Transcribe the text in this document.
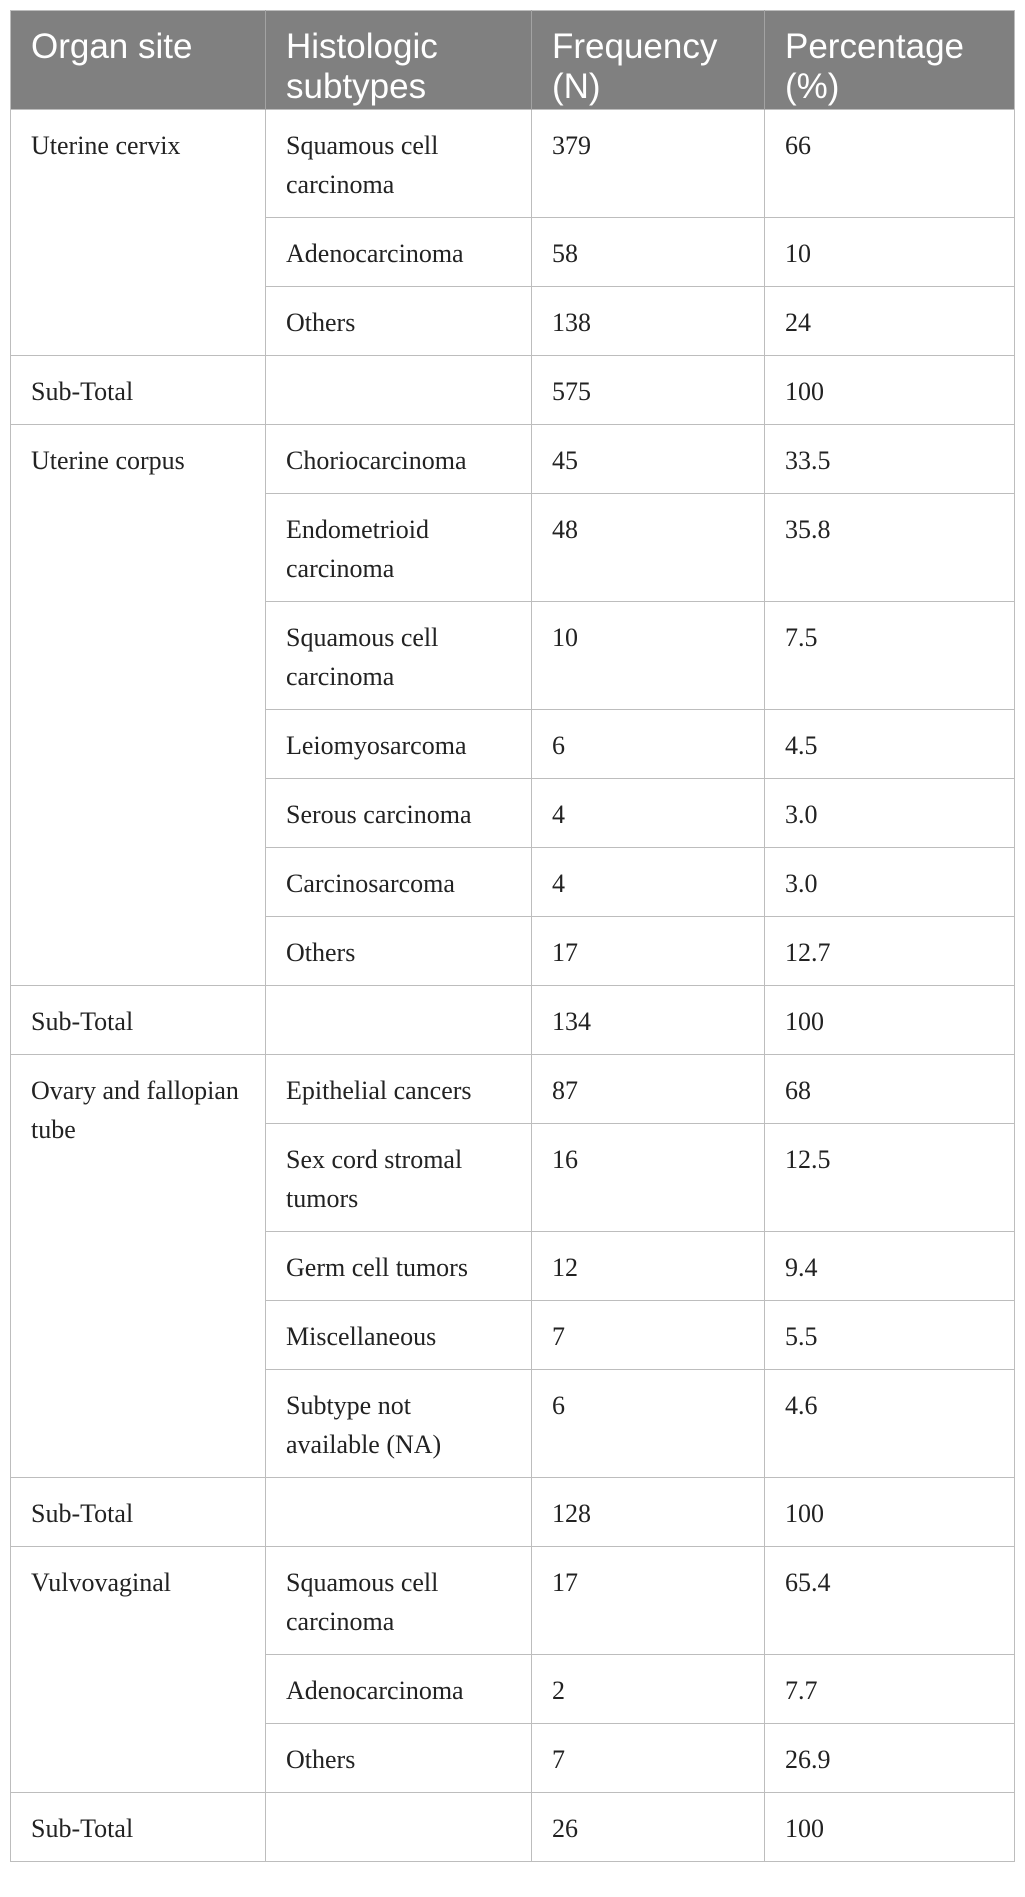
Organ site	Histologic subtypes	Frequency (N)	Percentage (%)
Uterine cervix	Squamous cell carcinoma	379	66
	Adenocarcinoma	58	10
	Others	138	24
Sub-Total		575	100
Uterine corpus	Choriocarcinoma	45	33.5
	Endometrioid carcinoma	48	35.8
	Squamous cell carcinoma	10	7.5
	Leiomyosarcoma	6	4.5
	Serous carcinoma	4	3.0
	Carcinosarcoma	4	3.0
	Others	17	12.7
Sub-Total		134	100
Ovary and fallopian tube	Epithelial cancers	87	68
	Sex cord stromal tumors	16	12.5
	Germ cell tumors	12	9.4
	Miscellaneous	7	5.5
	Subtype not available (NA)	6	4.6
Sub-Total		128	100
Vulvovaginal	Squamous cell carcinoma	17	65.4
	Adenocarcinoma	2	7.7
	Others	7	26.9
Sub-Total		26	100
